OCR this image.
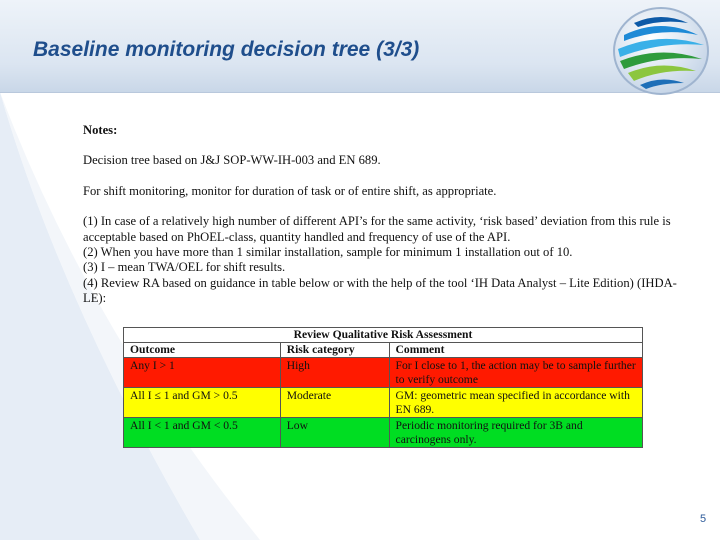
Baseline monitoring decision tree (3/3)

Notes:

Decision tree based on J&J SOP-WW-IH-003 and EN 689.

For shift monitoring, monitor for duration of task or of entire shift, as appropriate.

(1) In case of a relatively high number of different API’s for the same activity, ‘risk based’ deviation from this rule is acceptable based on PhOEL-class, quantity handled and frequency of use of the API.

(2) When you have more than 1 similar installation, sample for minimum 1 installation out of 10.

(3) I – mean TWA/OEL for shift results.

(4) Review RA based on guidance in table below or with the help of the tool ‘IH Data Analyst – Lite Edition) (IHDA-LE):

Review Qualitative Risk Assessment		
Outcome	Risk category	Comment
Any I > 1	High	For I close to 1, the action may be to sample further to verify outcome
All I ≤ 1 and GM > 0.5	Moderate	GM: geometric mean specified in accordance with EN 689.
All I < 1 and GM < 0.5	Low	Periodic monitoring required for 3B and carcinogens only.
5
